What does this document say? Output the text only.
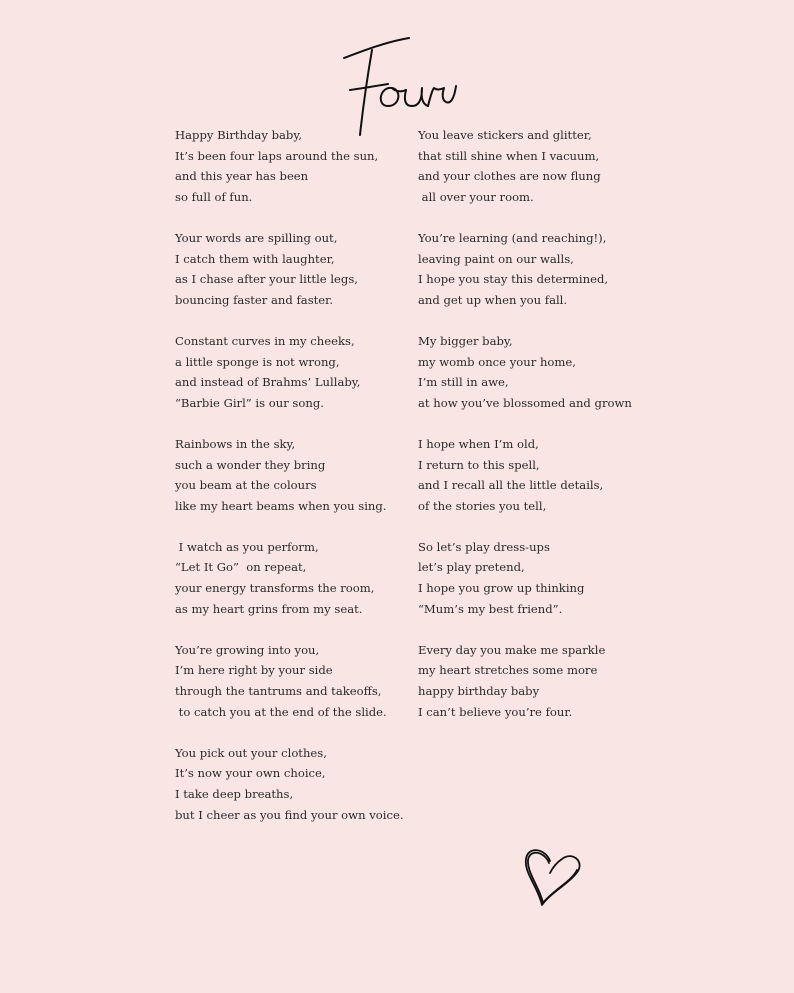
Happy Birthday baby,
It’s been four laps around the sun,
and this year has been
so full of fun.
Your words are spilling out,
I catch them with laughter,
as I chase after your little legs,
bouncing faster and faster.
Constant curves in my cheeks,
a little sponge is not wrong,
and instead of Brahms’ Lullaby,
“Barbie Girl” is our song.
Rainbows in the sky,
such a wonder they bring
you beam at the colours
like my heart beams when you sing.
I watch as you perform,
“Let It Go”  on repeat,
your energy transforms the room,
as my heart grins from my seat.
You’re growing into you,
I’m here right by your side
through the tantrums and takeoffs,
to catch you at the end of the slide.
You pick out your clothes,
It’s now your own choice,
I take deep breaths,
but I cheer as you find your own voice.
You leave stickers and glitter,
that still shine when I vacuum,
and your clothes are now flung
all over your room.
You’re learning (and reaching!),
leaving paint on our walls,
I hope you stay this determined,
and get up when you fall.
My bigger baby,
my womb once your home,
I’m still in awe,
at how you’ve blossomed and grown
I hope when I’m old,
I return to this spell,
and I recall all the little details,
of the stories you tell,
So let’s play dress-ups
let’s play pretend,
I hope you grow up thinking
“Mum’s my best friend”.
Every day you make me sparkle
my heart stretches some more
happy birthday baby
I can’t believe you’re four.
